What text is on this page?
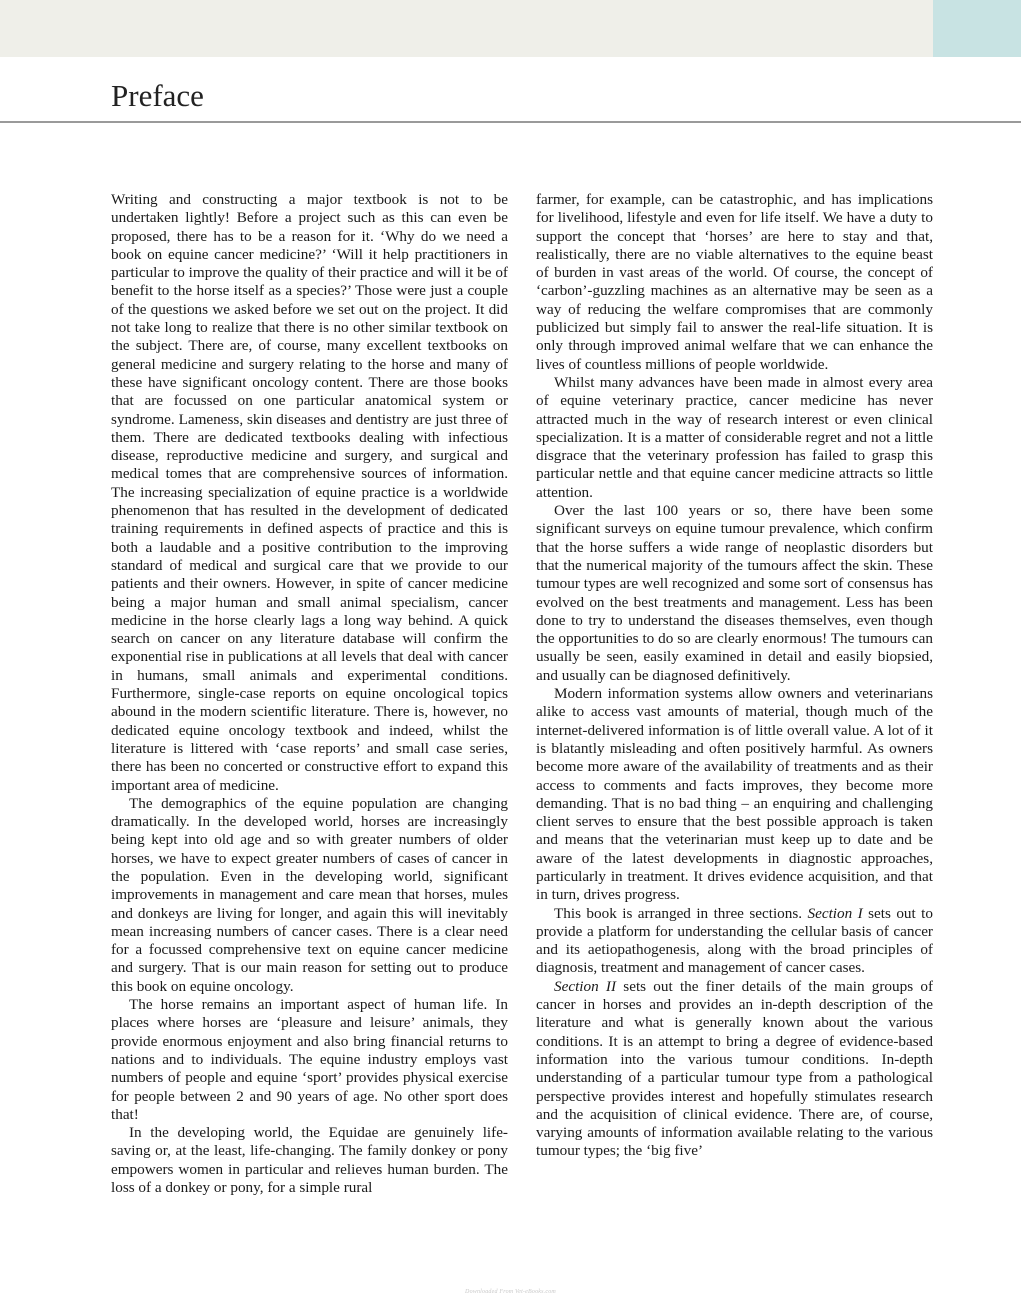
Preface

Writing and constructing a major textbook is not to be undertaken lightly! Before a project such as this can even be proposed, there has to be a reason for it. ‘Why do we need a book on equine cancer medicine?’ ‘Will it help practitioners in particular to improve the quality of their practice and will it be of benefit to the horse itself as a species?’ Those were just a couple of the questions we asked before we set out on the project. It did not take long to realize that there is no other similar textbook on the subject. There are, of course, many excellent textbooks on general medicine and surgery relating to the horse and many of these have significant oncology content. There are those books that are focussed on one particular anatomical system or syndrome. Lameness, skin diseases and dentistry are just three of them. There are dedicated textbooks dealing with infectious disease, reproductive medicine and surgery, and surgical and medical tomes that are comprehensive sources of information. The increasing specialization of equine practice is a worldwide phenomenon that has resulted in the development of dedicated training requirements in defined aspects of practice and this is both a laudable and a positive contribution to the improving standard of medical and surgical care that we provide to our patients and their owners. However, in spite of cancer medicine being a major human and small animal specialism, cancer medicine in the horse clearly lags a long way behind. A quick search on cancer on any literature database will confirm the exponential rise in publications at all levels that deal with cancer in humans, small animals and experimental conditions. Furthermore, single-case reports on equine oncological topics abound in the modern scientific literature. There is, however, no dedicated equine oncology textbook and indeed, whilst the literature is littered with ‘case reports’ and small case series, there has been no concerted or constructive effort to expand this important area of medicine.

The demographics of the equine population are changing dramatically. In the developed world, horses are increasingly being kept into old age and so with greater numbers of older horses, we have to expect greater numbers of cases of cancer in the population. Even in the developing world, significant improvements in management and care mean that horses, mules and donkeys are living for longer, and again this will inevitably mean increasing numbers of cancer cases. There is a clear need for a focussed comprehensive text on equine cancer medicine and surgery. That is our main reason for setting out to produce this book on equine oncology.

The horse remains an important aspect of human life. In places where horses are ‘pleasure and leisure’ animals, they provide enormous enjoyment and also bring financial returns to nations and to individuals. The equine industry employs vast numbers of people and equine ‘sport’ provides physical exercise for people between 2 and 90 years of age. No other sport does that!

In the developing world, the Equidae are genuinely life-saving or, at the least, life-changing. The family donkey or pony empowers women in particular and relieves human burden. The loss of a donkey or pony, for a simple rural

farmer, for example, can be catastrophic, and has implications for livelihood, lifestyle and even for life itself. We have a duty to support the concept that ‘horses’ are here to stay and that, realistically, there are no viable alternatives to the equine beast of burden in vast areas of the world. Of course, the concept of ‘carbon’-guzzling machines as an alternative may be seen as a way of reducing the welfare compromises that are commonly publicized but simply fail to answer the real-life situation. It is only through improved animal welfare that we can enhance the lives of countless millions of people worldwide.

Whilst many advances have been made in almost every area of equine veterinary practice, cancer medicine has never attracted much in the way of research interest or even clinical specialization. It is a matter of considerable regret and not a little disgrace that the veterinary profession has failed to grasp this particular nettle and that equine cancer medicine attracts so little attention.

Over the last 100 years or so, there have been some significant surveys on equine tumour prevalence, which confirm that the horse suffers a wide range of neoplastic disorders but that the numerical majority of the tumours affect the skin. These tumour types are well recognized and some sort of consensus has evolved on the best treatments and management. Less has been done to try to understand the diseases themselves, even though the opportunities to do so are clearly enormous! The tumours can usually be seen, easily examined in detail and easily biopsied, and usually can be diagnosed definitively.

Modern information systems allow owners and veterinarians alike to access vast amounts of material, though much of the internet-delivered information is of little overall value. A lot of it is blatantly misleading and often positively harmful. As owners become more aware of the availability of treatments and as their access to comments and facts improves, they become more demanding. That is no bad thing – an enquiring and challenging client serves to ensure that the best possible approach is taken and means that the veterinarian must keep up to date and be aware of the latest developments in diagnostic approaches, particularly in treatment. It drives evidence acquisition, and that in turn, drives progress.

This book is arranged in three sections. Section I sets out to provide a platform for understanding the cellular basis of cancer and its aetiopathogenesis, along with the broad principles of diagnosis, treatment and management of cancer cases.

Section II sets out the finer details of the main groups of cancer in horses and provides an in-depth description of the literature and what is generally known about the various conditions. It is an attempt to bring a degree of evidence-based information into the various tumour conditions. In-depth understanding of a particular tumour type from a pathological perspective provides interest and hopefully stimulates research and the acquisition of clinical evidence. There are, of course, varying amounts of information available relating to the various tumour types; the ‘big five’

Downloaded From Vet-eBooks.com
